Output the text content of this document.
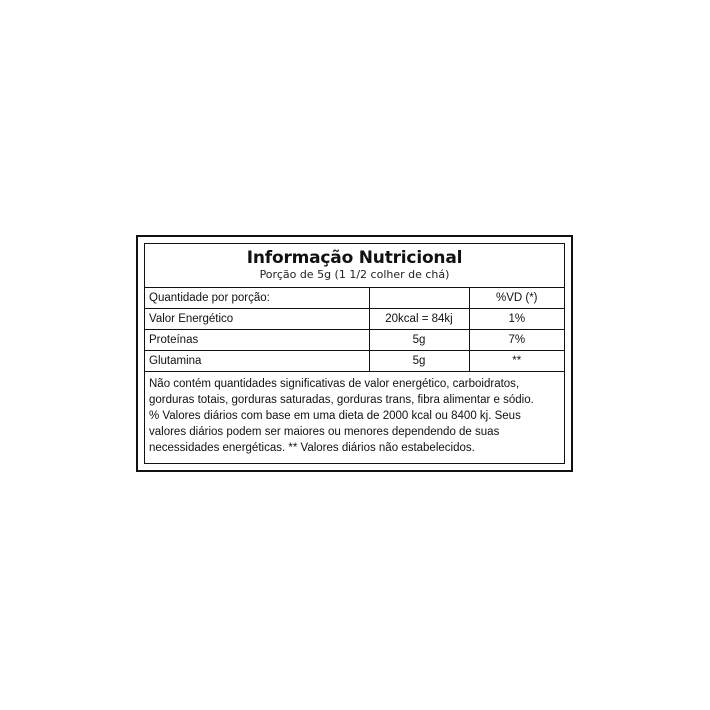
Informação Nutricional
Porção de 5g (1 1/2 colher de chá)
Quantidade por porção:		%VD (*)
Valor Energético	20kcal = 84kj	1%
Proteínas	5g	7%
Glutamina	5g	**
Não contém quantidades significativas de valor energético, carboidratos,
gorduras totais, gorduras saturadas, gorduras trans, fibra alimentar e sódio.
% Valores diários com base em uma dieta de 2000 kcal ou 8400 kj. Seus
valores diários podem ser maiores ou menores dependendo de suas
necessidades energéticas. ** Valores diários não estabelecidos.
